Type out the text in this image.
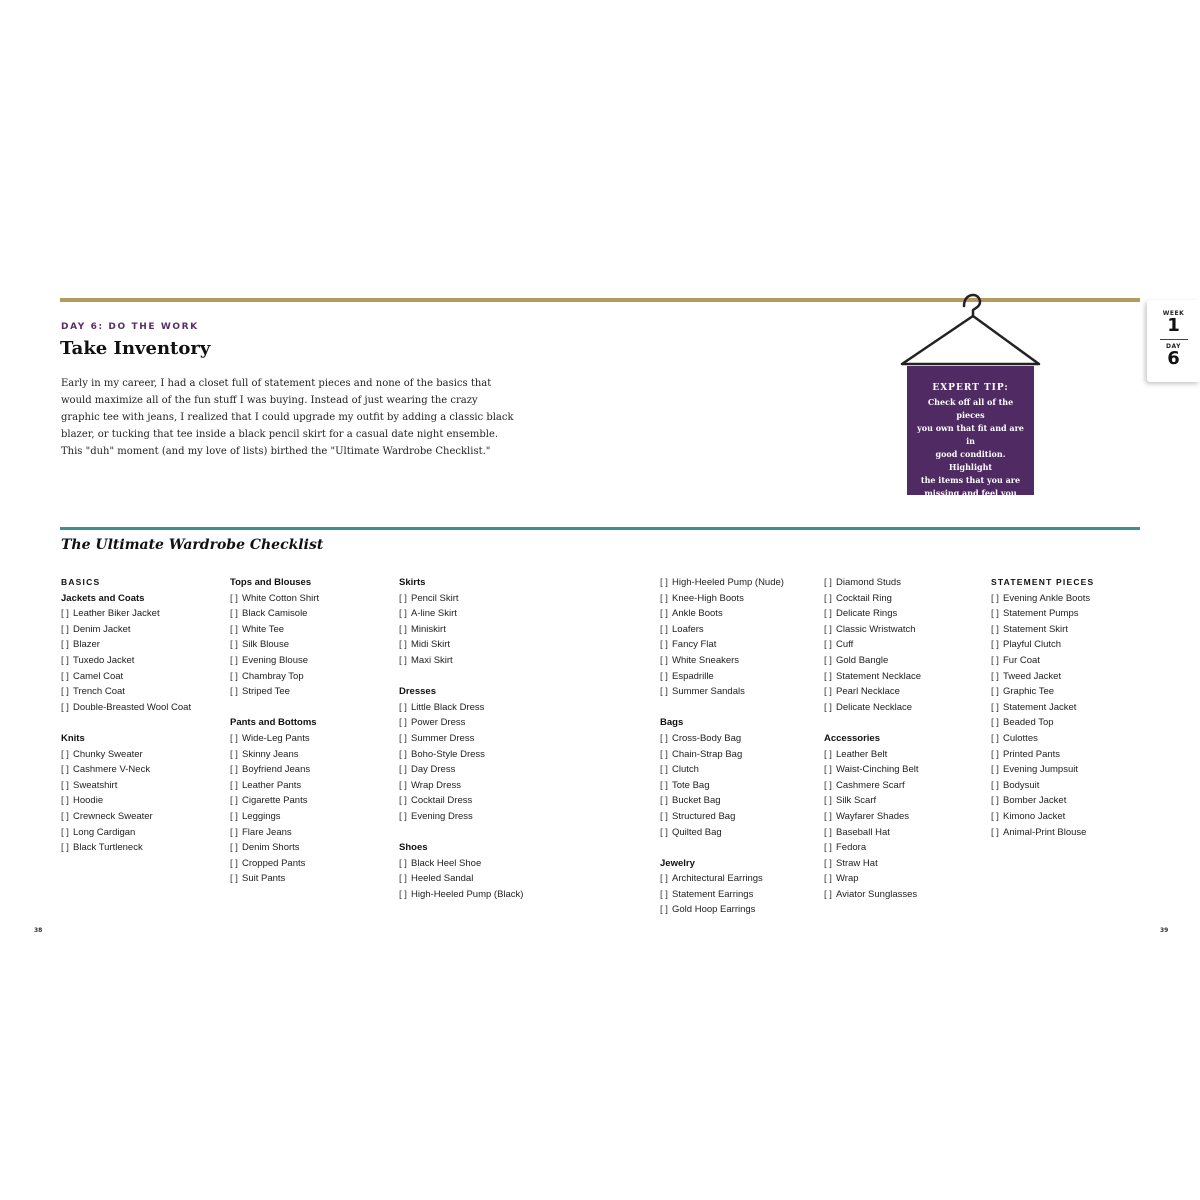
DAY 6: DO THE WORK
Take Inventory
Early in my career, I had a closet full of statement pieces and none of the basics that
would maximize all of the fun stuff I was buying. Instead of just wearing the crazy
graphic tee with jeans, I realized that I could upgrade my outfit by adding a classic black
blazer, or tucking that tee inside a black pencil skirt for a casual date night ensemble.
This "duh" moment (and my love of lists) birthed the "Ultimate Wardrobe Checklist."
EXPERT TIP:
Check off all of the pieces
you own that fit and are in
good condition. Highlight
the items that you are
missing and feel you need
to add to your wardrobe.
WEEK
1
DAY
6
The Ultimate Wardrobe Checklist
BASICS
Jackets and Coats
[ ] Leather Biker Jacket
[ ] Denim Jacket
[ ] Blazer
[ ] Tuxedo Jacket
[ ] Camel Coat
[ ] Trench Coat
[ ] Double-Breasted Wool Coat
Knits
[ ] Chunky Sweater
[ ] Cashmere V-Neck
[ ] Sweatshirt
[ ] Hoodie
[ ] Crewneck Sweater
[ ] Long Cardigan
[ ] Black Turtleneck
Tops and Blouses
[ ] White Cotton Shirt
[ ] Black Camisole
[ ] White Tee
[ ] Silk Blouse
[ ] Evening Blouse
[ ] Chambray Top
[ ] Striped Tee
Pants and Bottoms
[ ] Wide-Leg Pants
[ ] Skinny Jeans
[ ] Boyfriend Jeans
[ ] Leather Pants
[ ] Cigarette Pants
[ ] Leggings
[ ] Flare Jeans
[ ] Denim Shorts
[ ] Cropped Pants
[ ] Suit Pants
Skirts
[ ] Pencil Skirt
[ ] A-line Skirt
[ ] Miniskirt
[ ] Midi Skirt
[ ] Maxi Skirt
Dresses
[ ] Little Black Dress
[ ] Power Dress
[ ] Summer Dress
[ ] Boho-Style Dress
[ ] Day Dress
[ ] Wrap Dress
[ ] Cocktail Dress
[ ] Evening Dress
Shoes
[ ] Black Heel Shoe
[ ] Heeled Sandal
[ ] High-Heeled Pump (Black)
[ ] High-Heeled Pump (Nude)
[ ] Knee-High Boots
[ ] Ankle Boots
[ ] Loafers
[ ] Fancy Flat
[ ] White Sneakers
[ ] Espadrille
[ ] Summer Sandals
Bags
[ ] Cross-Body Bag
[ ] Chain-Strap Bag
[ ] Clutch
[ ] Tote Bag
[ ] Bucket Bag
[ ] Structured Bag
[ ] Quilted Bag
Jewelry
[ ] Architectural Earrings
[ ] Statement Earrings
[ ] Gold Hoop Earrings
[ ] Diamond Studs
[ ] Cocktail Ring
[ ] Delicate Rings
[ ] Classic Wristwatch
[ ] Cuff
[ ] Gold Bangle
[ ] Statement Necklace
[ ] Pearl Necklace
[ ] Delicate Necklace
Accessories
[ ] Leather Belt
[ ] Waist-Cinching Belt
[ ] Cashmere Scarf
[ ] Silk Scarf
[ ] Wayfarer Shades
[ ] Baseball Hat
[ ] Fedora
[ ] Straw Hat
[ ] Wrap
[ ] Aviator Sunglasses
STATEMENT PIECES
[ ] Evening Ankle Boots
[ ] Statement Pumps
[ ] Statement Skirt
[ ] Playful Clutch
[ ] Fur Coat
[ ] Tweed Jacket
[ ] Graphic Tee
[ ] Statement Jacket
[ ] Beaded Top
[ ] Culottes
[ ] Printed Pants
[ ] Evening Jumpsuit
[ ] Bodysuit
[ ] Bomber Jacket
[ ] Kimono Jacket
[ ] Animal-Print Blouse
38	39
